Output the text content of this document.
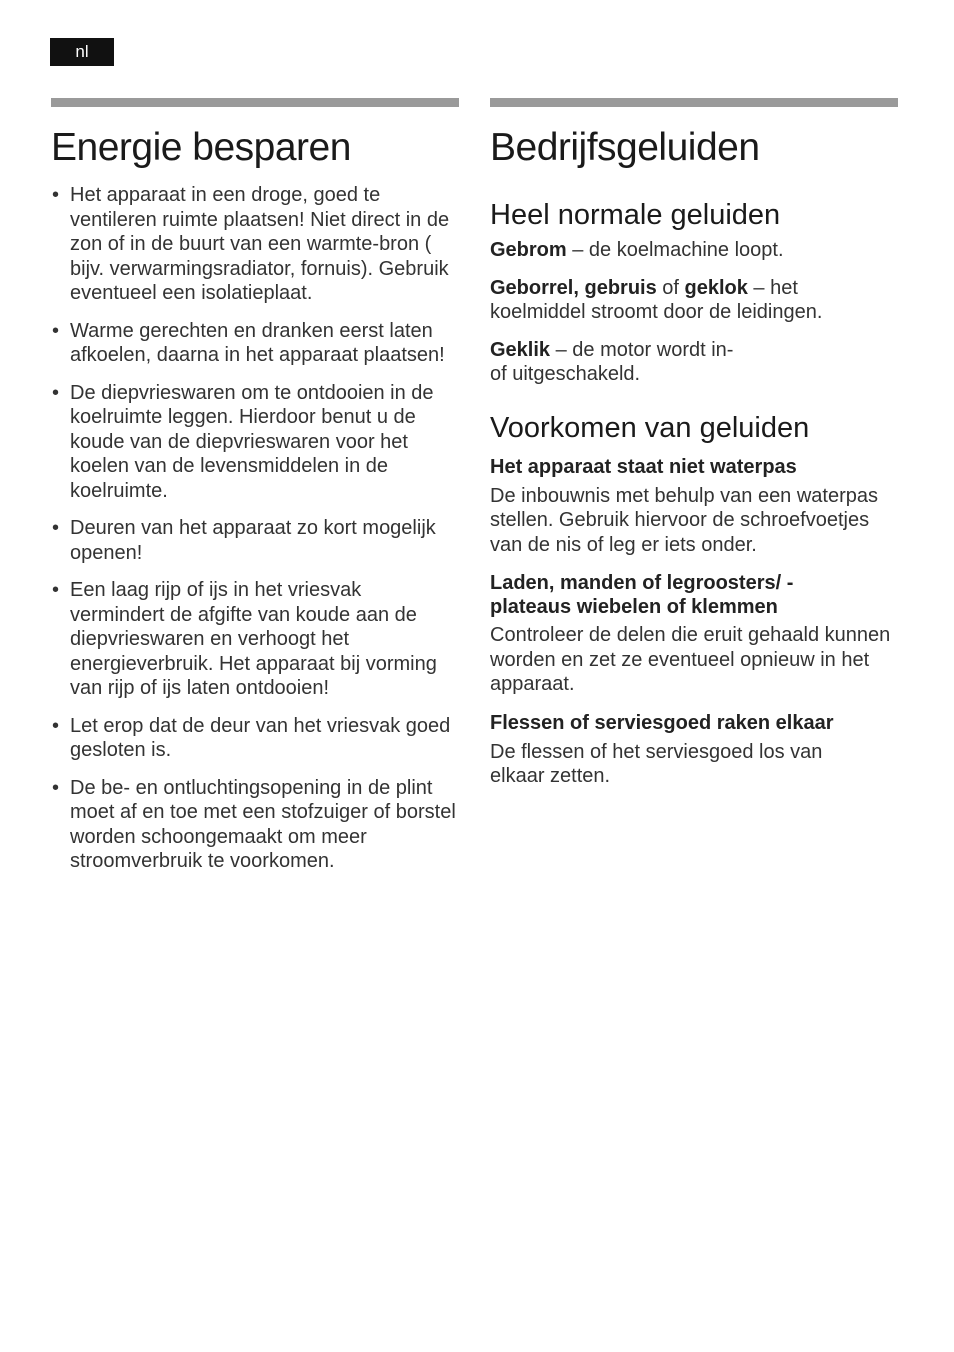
nl
Energie besparen
• Het apparaat in een droge, goed te ventileren ruimte plaatsen! Niet direct in de zon of in de buurt van een warmte-bron ( bijv. verwarmingsradiator, fornuis). Gebruik eventueel een isolatieplaat.
• Warme gerechten en dranken eerst laten afkoelen, daarna in het apparaat plaatsen!
• De diepvrieswaren om te ontdooien in de koelruimte leggen. Hierdoor benut u de koude van de diepvrieswaren voor het koelen van de levensmiddelen in de koelruimte.
• Deuren van het apparaat zo kort mogelijk openen!
• Een laag rijp of ijs in het vriesvak vermindert de afgifte van koude aan de diepvrieswaren en verhoogt het energieverbruik. Het apparaat bij vorming van rijp of ijs laten ontdooien!
• Let erop dat de deur van het vriesvak goed gesloten is.
• De be- en ontluchtingsopening in de plint moet af en toe met een stofzuiger of borstel worden schoongemaakt om meer stroomverbruik te voorkomen.
Bedrijfsgeluiden
Heel normale geluiden

Gebrom – de koelmachine loopt.

Geborrel, gebruis of geklok – het koelmiddel stroomt door de leidingen.

Geklik – de motor wordt in- of uitgeschakeld.

Voorkomen van geluiden

Het apparaat staat niet waterpas

De inbouwnis met behulp van een waterpas stellen. Gebruik hiervoor de schroefvoetjes van de nis of leg er iets onder.

Laden, manden of legroosters/ -plateaus wiebelen of klemmen

Controleer de delen die eruit gehaald kunnen worden en zet ze eventueel opnieuw in het apparaat.

Flessen of serviesgoed raken elkaar

De flessen of het serviesgoed los van elkaar zetten.
